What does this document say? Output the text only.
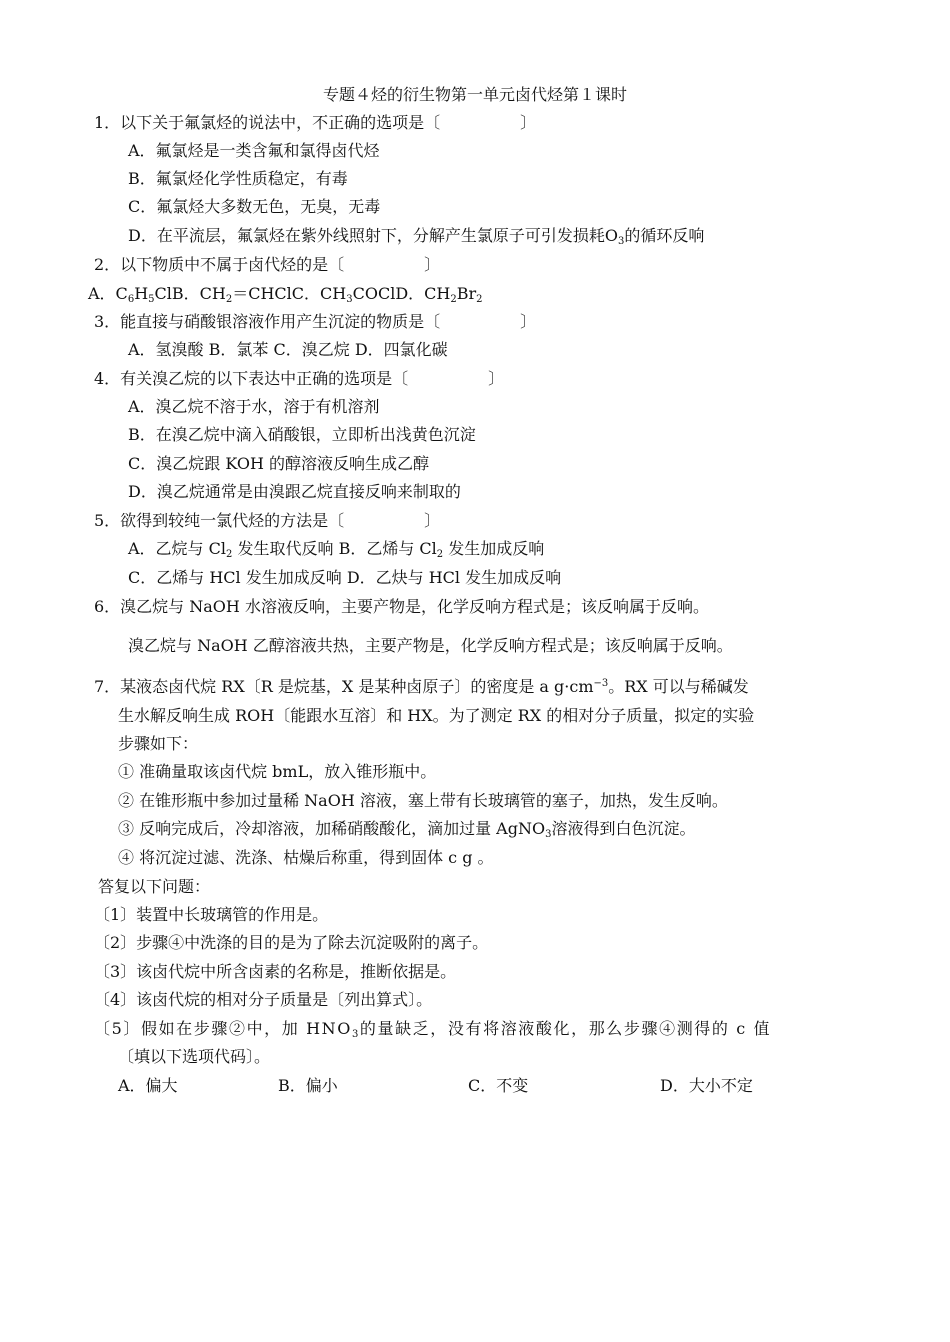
专题４烃的衍生物第一单元卤代烃第１课时
1．以下关于氟氯烃的说法中，不正确的选项是〔　　　　　〕
A．氟氯烃是一类含氟和氯得卤代烃
B．氟氯烃化学性质稳定，有毒
C．氟氯烃大多数无色，无臭，无毒
D．在平流层，氟氯烃在紫外线照射下，分解产生氯原子可引发损耗$O_3$的循环反响
2．以下物质中不属于卤代烃的是〔　　　　　〕
A．$C_6H_5ClB$．$CH_2=CHClC$．$CH_3COClD$．$CH_2Br_2$
3．能直接与硝酸银溶液作用产生沉淀的物质是〔　　　　　〕
A．氢溴酸 B．氯苯 C．溴乙烷 D．四氯化碳
4．有关溴乙烷的以下表达中正确的选项是〔　　　　　〕
A．溴乙烷不溶于水，溶于有机溶剂
B．在溴乙烷中滴入硝酸银，立即析出浅黄色沉淀
C．溴乙烷跟 KOH 的醇溶液反响生成乙醇
D．溴乙烷通常是由溴跟乙烷直接反响来制取的
5．欲得到较纯一氯代烃的方法是〔　　　　　〕
A．乙烷与 $Cl_2$ 发生取代反响 B．乙烯与 $Cl_2$ 发生加成反响
C．乙烯与 HCl 发生加成反响 D．乙炔与 HCl 发生加成反响
6．溴乙烷与 NaOH 水溶液反响，主要产物是，化学反响方程式是；该反响属于反响。
溴乙烷与 NaOH 乙醇溶液共热，主要产物是，化学反响方程式是；该反响属于反响。
7．某液态卤代烷 RX〔R 是烷基，X 是某种卤原子〕的密度是 a $g\cdot cm^{-3}$。RX 可以与稀碱发
生水解反响生成 ROH〔能跟水互溶〕和 HX。为了测定 RX 的相对分子质量，拟定的实验
步骤如下：
① 准确量取该卤代烷 bmL，放入锥形瓶中。
② 在锥形瓶中参加过量稀 NaOH 溶液，塞上带有长玻璃管的塞子，加热，发生反响。
③ 反响完成后，冷却溶液，加稀硝酸酸化，滴加过量 AgNO$_3$溶液得到白色沉淀。
④ 将沉淀过滤、洗涤、枯燥后称重，得到固体 c g 。
答复以下问题：
〔1〕装置中长玻璃管的作用是。
〔2〕步骤④中洗涤的目的是为了除去沉淀吸附的离子。
〔3〕该卤代烷中所含卤素的名称是，推断依据是。
〔4〕该卤代烷的相对分子质量是〔列出算式〕。
〔5〕假如在步骤②中，加 $HNO_3$的量缺乏，没有将溶液酸化，那么步骤④测得的 c 值
〔填以下选项代码〕。
A．偏大	B．偏小	C．不变	D．大小不定
